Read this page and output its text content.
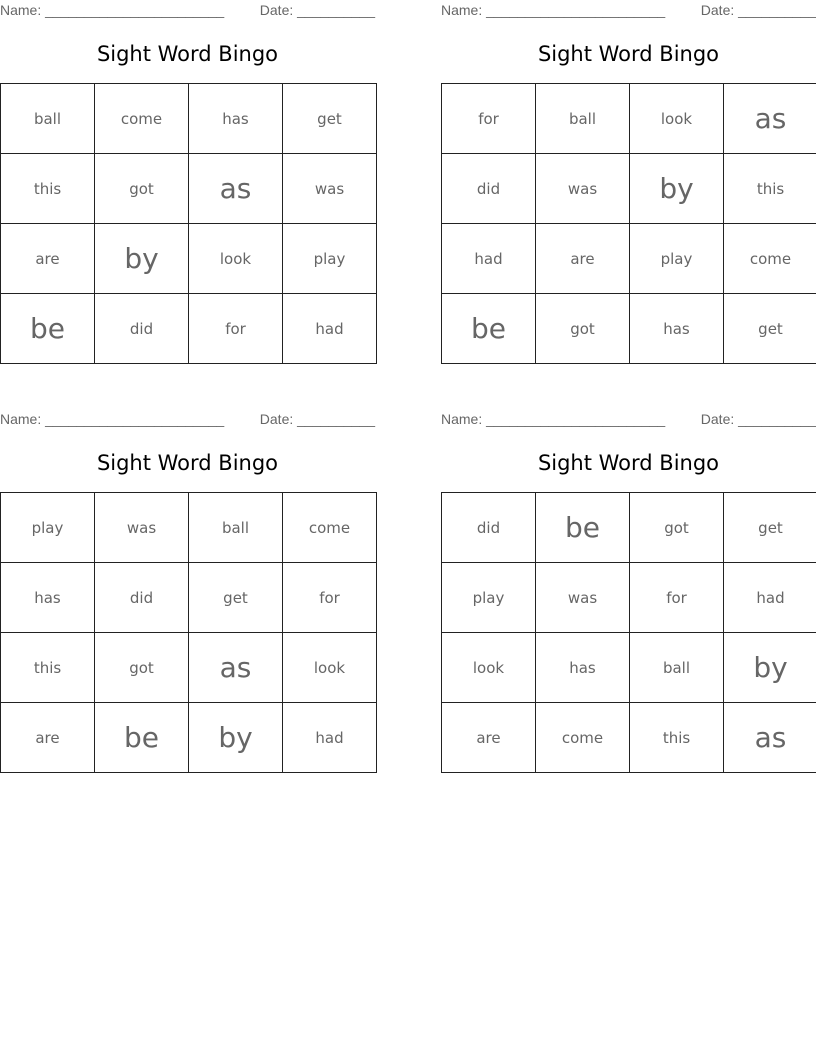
Name: _______________________	Date: __________
Sight Word Bingo
ball	come	has	get
this	got	as	was
are	by	look	play
be	did	for	had
Name: _______________________	Date: __________
Sight Word Bingo
for	ball	look	as
did	was	by	this
had	are	play	come
be	got	has	get
Name: _______________________	Date: __________
Sight Word Bingo
play	was	ball	come
has	did	get	for
this	got	as	look
are	be	by	had
Name: _______________________	Date: __________
Sight Word Bingo
did	be	got	get
play	was	for	had
look	has	ball	by
are	come	this	as
